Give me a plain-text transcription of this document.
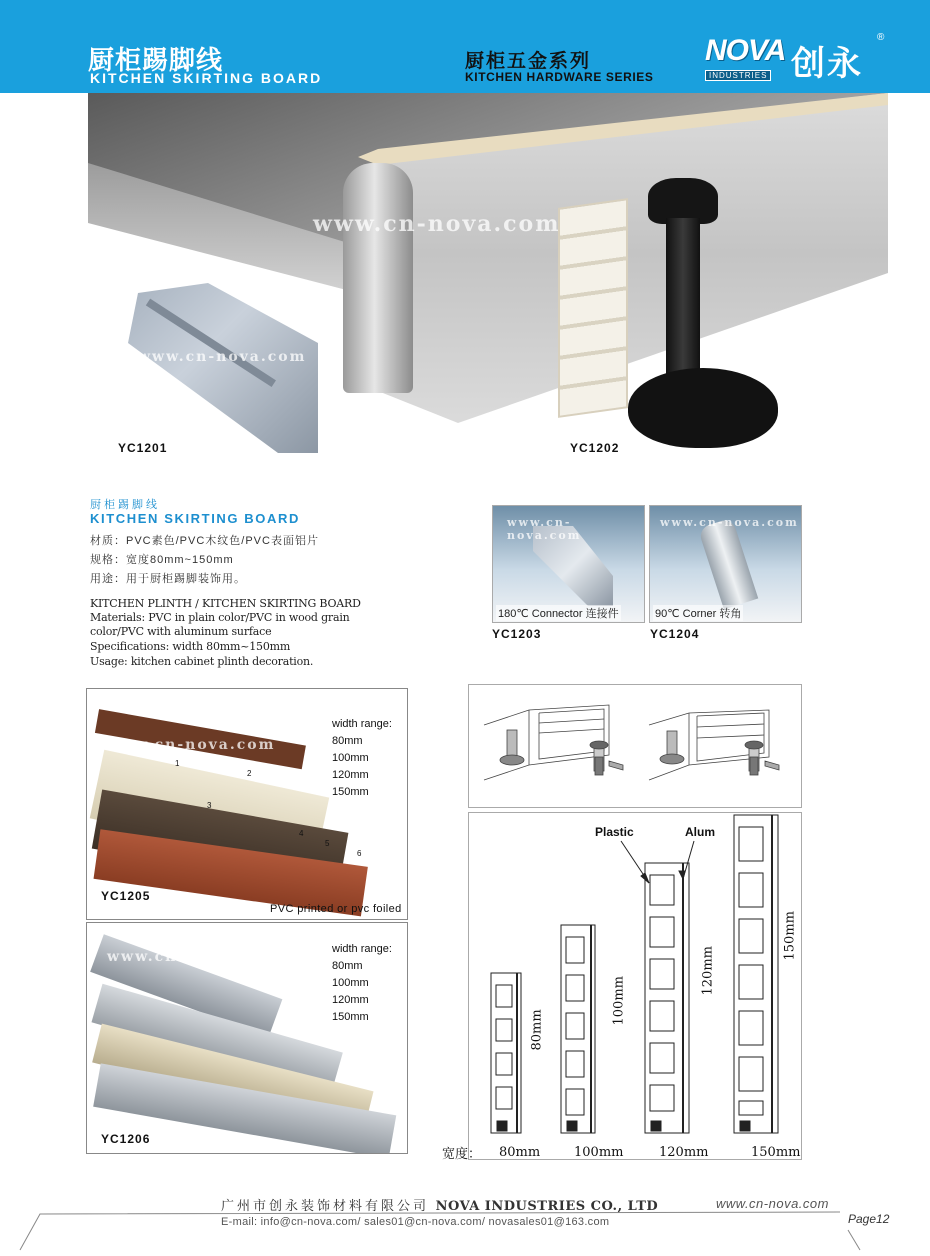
厨柜踢脚线
KITCHEN SKIRTING BOARD
厨柜五金系列
KITCHEN HARDWARE SERIES
NOVA
INDUSTRIES 创永
®
www.cn-nova.com
www.cn-nova.com
YC1201	YC1202
www.cn-nova.com
180℃ Connector 连接件
YC1203
www.cn-nova.com
90℃ Corner 转角
YC1204
厨柜踢脚线
KITCHEN SKIRTING BOARD
材质：PVC素色/PVC木纹色/PVC表面铝片
规格：宽度80mm~150mm
用途：用于厨柜踢脚装饰用。
KITCHEN PLINTH / KITCHEN SKIRTING BOARD
Materials: PVC in plain color/PVC in wood grain
color/PVC with aluminum surface
Specifications: width 80mm~150mm
Usage: kitchen cabinet plinth decoration.
www.cn-nova.com
1
2
3
4
5
6
width range:
80mm
100mm
120mm
150mm
YC1205
PVC printed or pvc foiled
www.cn-nova.com	width range:
80mm
100mm
120mm
150mm
YC1206
Plastic	Alum
80mm
100mm
120mm
150mm
宽度： 80mm	100mm	120mm	150mm
广州市创永装饰材料有限公司 NOVA INDUSTRIES CO., LTD	www.cn-nova.com
E-mail: info@cn-nova.com/ sales01@cn-nova.com/ novasales01@163.com	Page12
